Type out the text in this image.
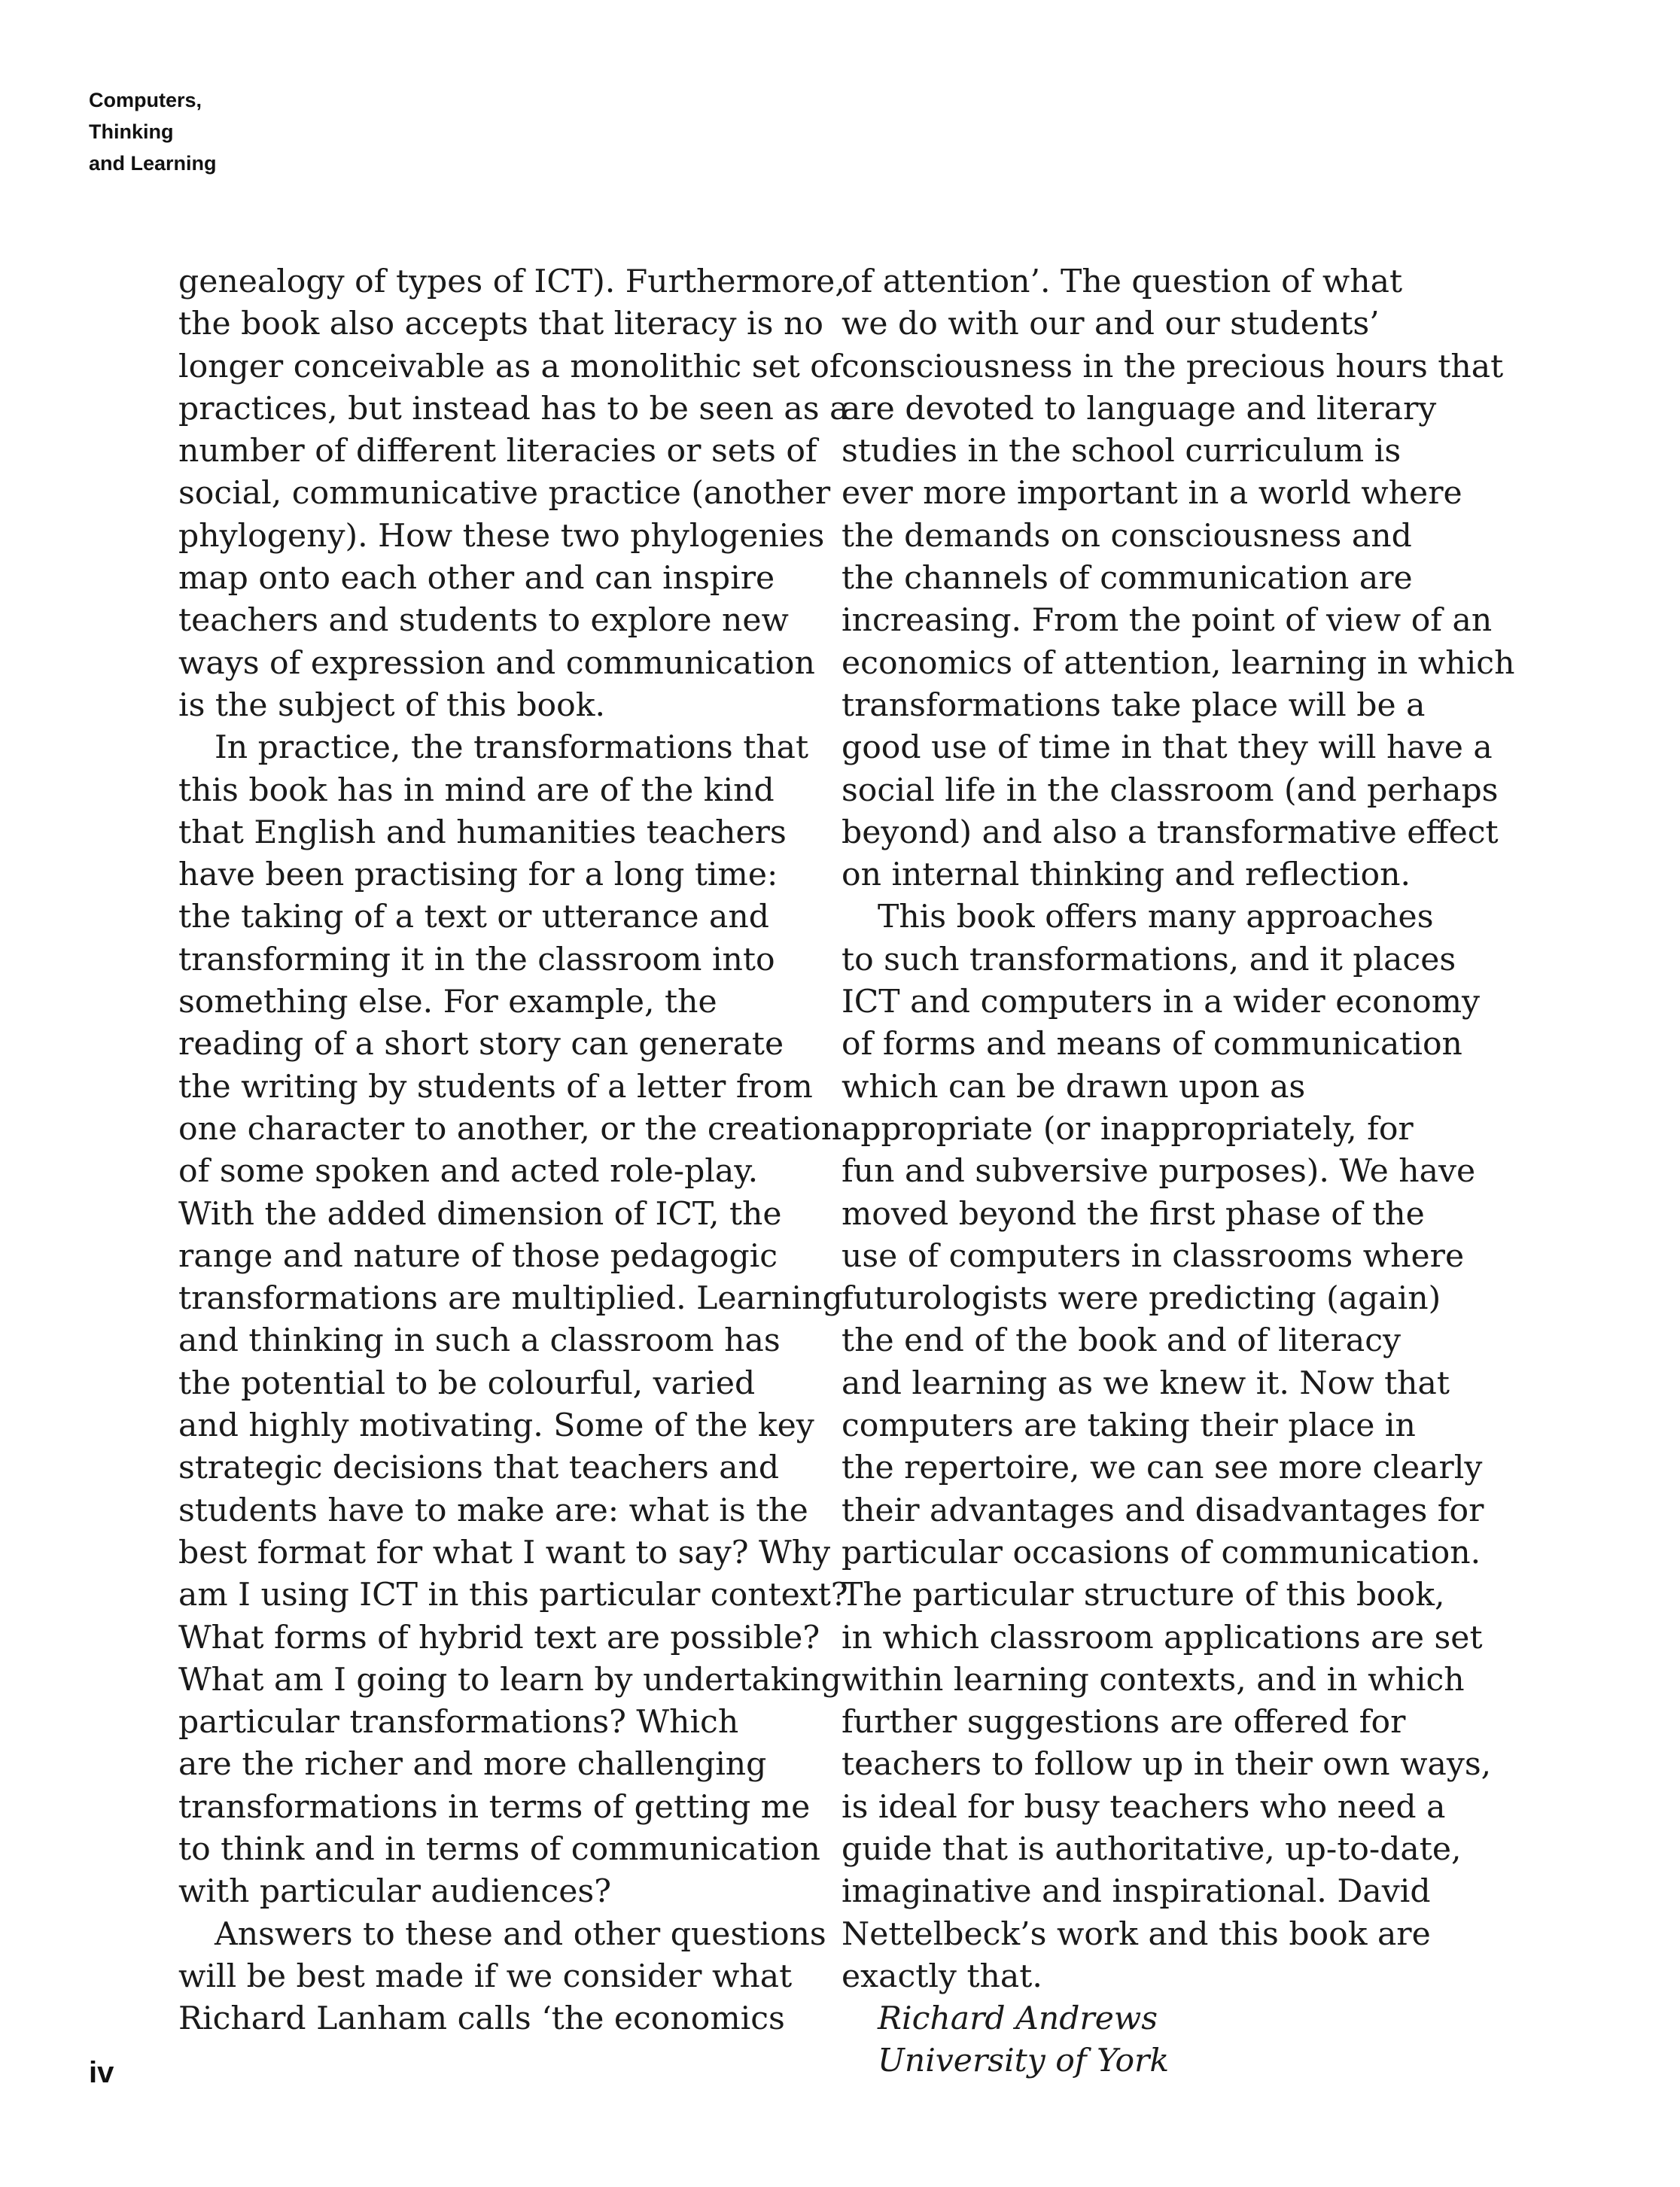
Computers,
Thinking
and Learning
genealogy of types of ICT). Furthermore,
the book also accepts that literacy is no
longer conceivable as a monolithic set of
practices, but instead has to be seen as a
number of different literacies or sets of
social, communicative practice (another
phylogeny). How these two phylogenies
map onto each other and can inspire
teachers and students to explore new
ways of expression and communication
is the subject of this book.
In practice, the transformations that
this book has in mind are of the kind
that English and humanities teachers
have been practising for a long time:
the taking of a text or utterance and
transforming it in the classroom into
something else. For example, the
reading of a short story can generate
the writing by students of a letter from
one character to another, or the creation
of some spoken and acted role-play.
With the added dimension of ICT, the
range and nature of those pedagogic
transformations are multiplied. Learning
and thinking in such a classroom has
the potential to be colourful, varied
and highly motivating. Some of the key
strategic decisions that teachers and
students have to make are: what is the
best format for what I want to say? Why
am I using ICT in this particular context?
What forms of hybrid text are possible?
What am I going to learn by undertaking
particular transformations? Which
are the richer and more challenging
transformations in terms of getting me
to think and in terms of communication
with particular audiences?
Answers to these and other questions
will be best made if we consider what
Richard Lanham calls ‘the economics
of attention’. The question of what
we do with our and our students’
consciousness in the precious hours that
are devoted to language and literary
studies in the school curriculum is
ever more important in a world where
the demands on consciousness and
the channels of communication are
increasing. From the point of view of an
economics of attention, learning in which
transformations take place will be a
good use of time in that they will have a
social life in the classroom (and perhaps
beyond) and also a transformative effect
on internal thinking and reflection.
This book offers many approaches
to such transformations, and it places
ICT and computers in a wider economy
of forms and means of communication
which can be drawn upon as
appropriate (or inappropriately, for
fun and subversive purposes). We have
moved beyond the first phase of the
use of computers in classrooms where
futurologists were predicting (again)
the end of the book and of literacy
and learning as we knew it. Now that
computers are taking their place in
the repertoire, we can see more clearly
their advantages and disadvantages for
particular occasions of communication.
The particular structure of this book,
in which classroom applications are set
within learning contexts, and in which
further suggestions are offered for
teachers to follow up in their own ways,
is ideal for busy teachers who need a
guide that is authoritative, up-to-date,
imaginative and inspirational. David
Nettelbeck’s work and this book are
exactly that.
Richard Andrews
University of York
iv
